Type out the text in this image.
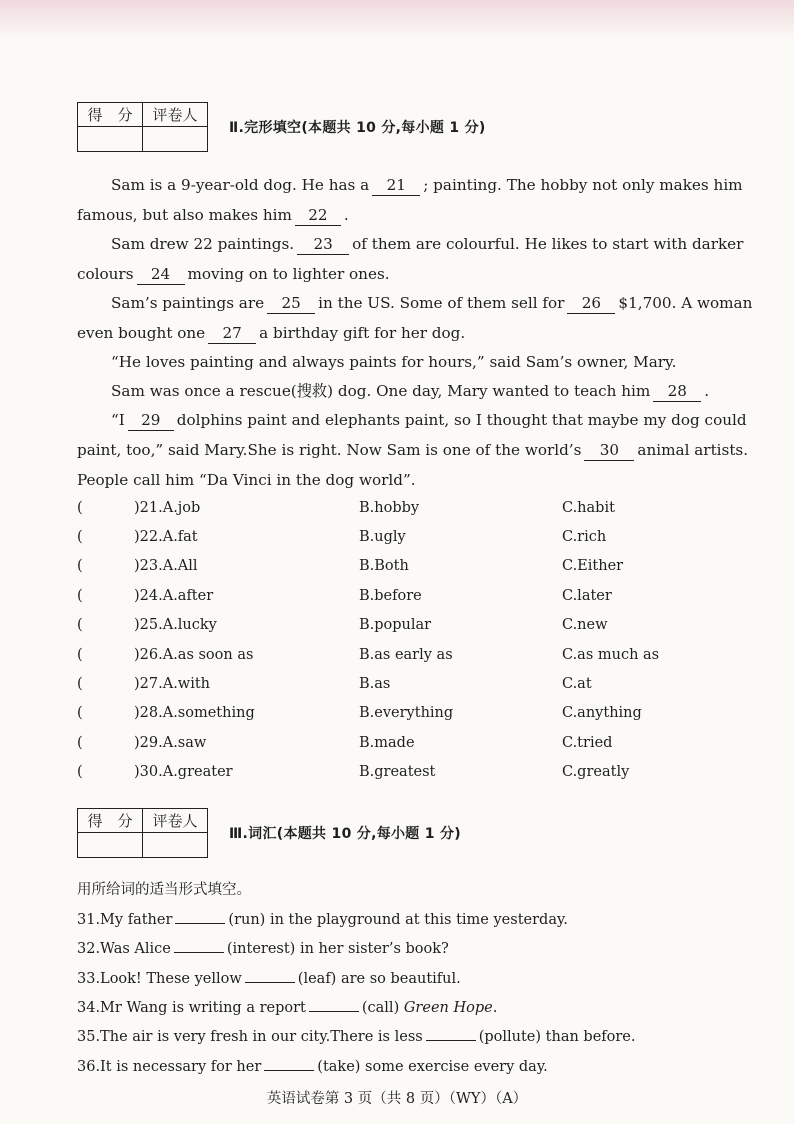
得　分	评卷人
Ⅱ.完形填空(本题共 10 分,每小题 1 分)
Sam is a 9-year-old dog. He has a 21 ; painting. The hobby not only makes him
famous, but also makes him 22 .
Sam drew 22 paintings. 23 of them are colourful. He likes to start with darker
colours 24 moving on to lighter ones.
Sam’s paintings are 25 in the US. Some of them sell for 26 $1,700. A woman
even bought one 27 a birthday gift for her dog.
“He loves painting and always paints for hours,” said Sam’s owner, Mary.
Sam was once a rescue(搜救) dog. One day, Mary wanted to teach him 28 .
“I 29 dolphins paint and elephants paint, so I thought that maybe my dog could
paint, too,” said Mary.She is right. Now Sam is one of the world’s 30 animal artists.
People call him “Da Vinci in the dog world”.
(	)21.A.job	B.hobby	C.habit
(	)22.A.fat	B.ugly	C.rich
(	)23.A.All	B.Both	C.Either
(	)24.A.after	B.before	C.later
(	)25.A.lucky	B.popular	C.new
(	)26.A.as soon as	B.as early as	C.as much as
(	)27.A.with	B.as	C.at
(	)28.A.something	B.everything	C.anything
(	)29.A.saw	B.made	C.tried
(	)30.A.greater	B.greatest	C.greatly
得　分	评卷人
Ⅲ.词汇(本题共 10 分,每小题 1 分)
用所给词的适当形式填空。
31.My father	(run) in the playground at this time yesterday.
32.Was Alice	(interest) in her sister’s book?
33.Look! These yellow	(leaf) are so beautiful.
34.Mr Wang is writing a report	(call) Green Hope.
35.The air is very fresh in our city.There is less	(pollute) than before.
36.It is necessary for her	(take) some exercise every day.
英语试卷第 3 页（共 8 页）（WY）（A）
